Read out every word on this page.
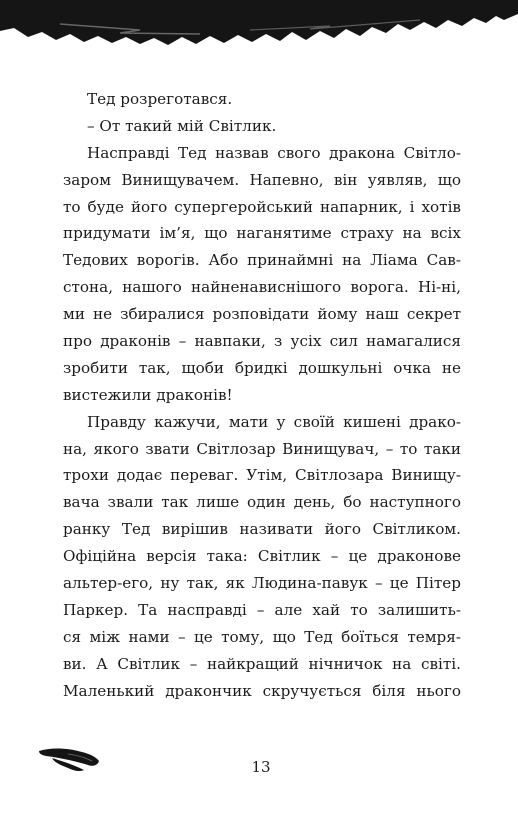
Тед розреготався.
– От такий мій Світлик.
Насправді Тед назвав свого дракона Світло-
заром Винищувачем. Напевно, він уявляв, що
то буде його супергеройський напарник, і хотів
придумати ім’я, що наганятиме страху на всіх
Тедових ворогів. Або принаймні на Ліама Сав-
стона, нашого найненависнішого ворога. Ні-ні,
ми не збиралися розповідати йому наш секрет
про драконів – навпаки, з усіх сил намагалися
зробити так, щоби бридкі дошкульні очка не
вистежили драконів!
Правду кажучи, мати у своїй кишені драко-
на, якого звати Світлозар Винищувач, – то таки
трохи додає переваг. Утім, Світлозара Винищу-
вача звали так лише один день, бо наступного
ранку Тед вирішив називати його Світликом.
Офіційна версія така: Світлик – це драконове
альтер-его, ну так, як Людина-павук – це Пітер
Паркер. Та насправді – але хай то залишить-
ся між нами – це тому, що Тед боїться темря-
ви. А Світлик – найкращий нічничок на світі.
Маленький дракончик скручується біля нього
13
